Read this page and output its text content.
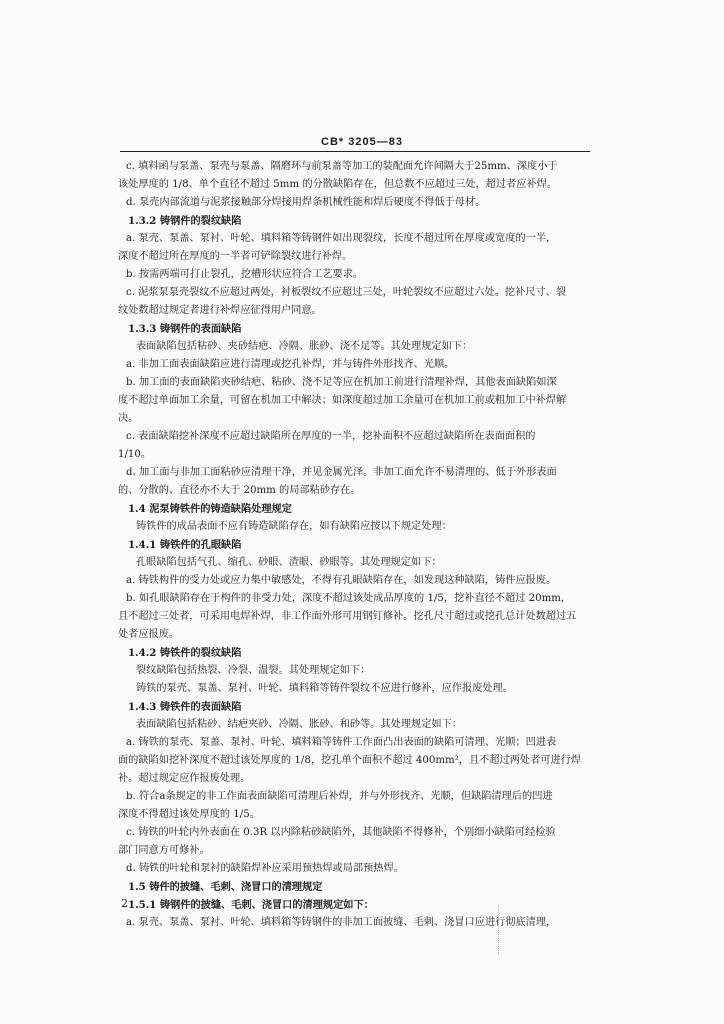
CB* 3205—83
c. 填料函与泵盖、泵壳与泵盖、隔磨环与前泵盖等加工的装配面允许间隔大于25mm、深度小于
该处厚度的 1/8、单个直径不超过 5mm 的分散缺陷存在，但总数不应超过三处，超过者应补焊。
d. 泵壳内部流道与泥浆接触部分焊接用焊条机械性能和焊后硬度不得低于母材。
1.3.2 铸钢件的裂纹缺陷
a. 泵壳、泵盖、泵衬、叶轮、填料箱等铸钢件如出现裂纹，长度不超过所在厚度或宽度的一半，
深度不超过所在厚度的一半者可铲除裂纹进行补焊。
b. 按需两端可打止裂孔，挖槽形状应符合工艺要求。
c. 泥浆泵泵壳裂纹不应超过两处，衬板裂纹不应超过三处，叶轮裂纹不应超过六处。挖补尺寸、裂
纹处数超过规定者进行补焊应征得用户同意。
1.3.3 铸钢件的表面缺陷
表面缺陷包括粘砂、夹砂结疤、冷隔、胀砂、浇不足等。其处理规定如下：
a. 非加工面表面缺陷应进行清理或挖孔补焊，并与铸件外形找齐、光顺。
b. 加工面的表面缺陷夹砂结疤、粘砂、浇不足等应在机加工前进行清理补焊，其他表面缺陷如深
度不超过单面加工余量，可留在机加工中解决；如深度超过加工余量可在机加工前或粗加工中补焊解
决。
c. 表面缺陷挖补深度不应超过缺陷所在厚度的一半，挖补面积不应超过缺陷所在表面面积的
1/10。
d. 加工面与非加工面粘砂应清理干净，并见金属光泽。非加工面允许不易清理的、低于外形表面
的、分散的、直径亦不大于 20mm 的局部粘砂存在。
1.4 泥泵铸铁件的铸造缺陷处理规定
铸铁件的成品表面不应有铸造缺陷存在，如有缺陷应按以下规定处理：
1.4.1 铸铁件的孔眼缺陷
孔眼缺陷包括气孔、缩孔、砂眼、渣眼、砂眼等。其处理规定如下：
a. 铸铁构件的受力处或应力集中敏感处，不得有孔眼缺陷存在，如发现这种缺陷，铸件应报废。
b. 如孔眼缺陷存在于构件的非受力处，深度不超过该处成品厚度的 1/5，挖补直径不超过 20mm，
且不超过三处者，可采用电焊补焊，非工作面外形可用钢钉修补。挖孔尺寸超过或挖孔总计处数超过五
处者应报废。
1.4.2 铸铁件的裂纹缺陷
裂纹缺陷包括热裂、冷裂、温裂。其处理规定如下：
铸铁的泵壳、泵盖、泵衬、叶轮、填料箱等铸件裂纹不应进行修补，应作报废处理。
1.4.3 铸铁件的表面缺陷
表面缺陷包括粘砂、结疤夹砂、冷隔、胀砂、和砂等。其处理规定如下：
a. 铸铁的泵壳、泵盖、泵衬、叶轮、填料箱等铸件工作面凸出表面的缺陷可清理、光顺；凹进表
面的缺陷如挖补深度不超过该处厚度的 1/8，挖孔单个面积不超过 400mm²，且不超过两处者可进行焊
补。超过规定应作报废处理。
b. 符合a条规定的非工作面表面缺陷可清理后补焊，并与外形找齐、光顺，但缺陷清理后的凹进
深度不得超过该处厚度的 1/5。
c. 铸铁的叶轮内外表面在 0.3R 以内除粘砂缺陷外，其他缺陷不得修补，个别细小缺陷可经检验
部门同意方可修补。
d. 铸铁的叶轮和泵衬的缺陷焊补应采用预热焊或局部预热焊。
1.5 铸件的披缝、毛刺、浇冒口的清理规定
1.5.1 铸钢件的披缝、毛刺、浇冒口的清理规定如下：
a. 泵壳、泵盖、泵衬、叶轮、填料箱等铸钢件的非加工面披缝、毛刺、浇冒口应进行彻底清理，
2
